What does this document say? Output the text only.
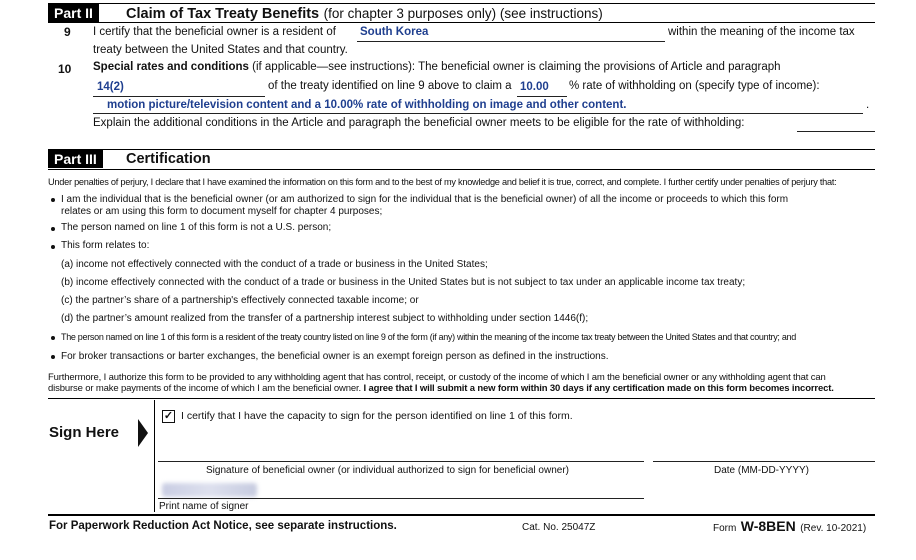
Part II	Claim of Tax Treaty Benefits (for chapter 3 purposes only) (see instructions)
9 I certify that the beneficial owner is a resident of South Korea	within the meaning of the income tax
treaty between the United States and that country.
10 Special rates and conditions (if applicable—see instructions): The beneficial owner is claiming the provisions of Article and paragraph
14(2)	of the treaty identified on line 9 above to claim a 10.00 % rate of withholding on (specify type of income):
motion picture/television content and a 10.00% rate of withholding on image and other content.	.
Explain the additional conditions in the Article and paragraph the beneficial owner meets to be eligible for the rate of withholding:
Part III	Certification
Under penalties of perjury, I declare that I have examined the information on this form and to the best of my knowledge and belief it is true, correct, and complete. I further certify under penalties of perjury that:
I am the individual that is the beneficial owner (or am authorized to sign for the individual that is the beneficial owner) of all the income or proceeds to which this form
relates or am using this form to document myself for chapter 4 purposes;
The person named on line 1 of this form is not a U.S. person;
This form relates to:
(a) income not effectively connected with the conduct of a trade or business in the United States;
(b) income effectively connected with the conduct of a trade or business in the United States but is not subject to tax under an applicable income tax treaty;
(c) the partner’s share of a partnership's effectively connected taxable income; or
(d) the partner’s amount realized from the transfer of a partnership interest subject to withholding under section 1446(f);
The person named on line 1 of this form is a resident of the treaty country listed on line 9 of the form (if any) within the meaning of the income tax treaty between the United States and that country; and
For broker transactions or barter exchanges, the beneficial owner is an exempt foreign person as defined in the instructions.
Furthermore, I authorize this form to be provided to any withholding agent that has control, receipt, or custody of the income of which I am the beneficial owner or any withholding agent that can
disburse or make payments of the income of which I am the beneficial owner. I agree that I will submit a new form within 30 days if any certification made on this form becomes incorrect.
Sign Here
✓ I certify that I have the capacity to sign for the person identified on line 1 of this form.
Signature of beneficial owner (or individual authorized to sign for beneficial owner)	Date (MM-DD-YYYY)
Print name of signer
For Paperwork Reduction Act Notice, see separate instructions.	Cat. No. 25047Z	Form W-8BEN (Rev. 10-2021)
